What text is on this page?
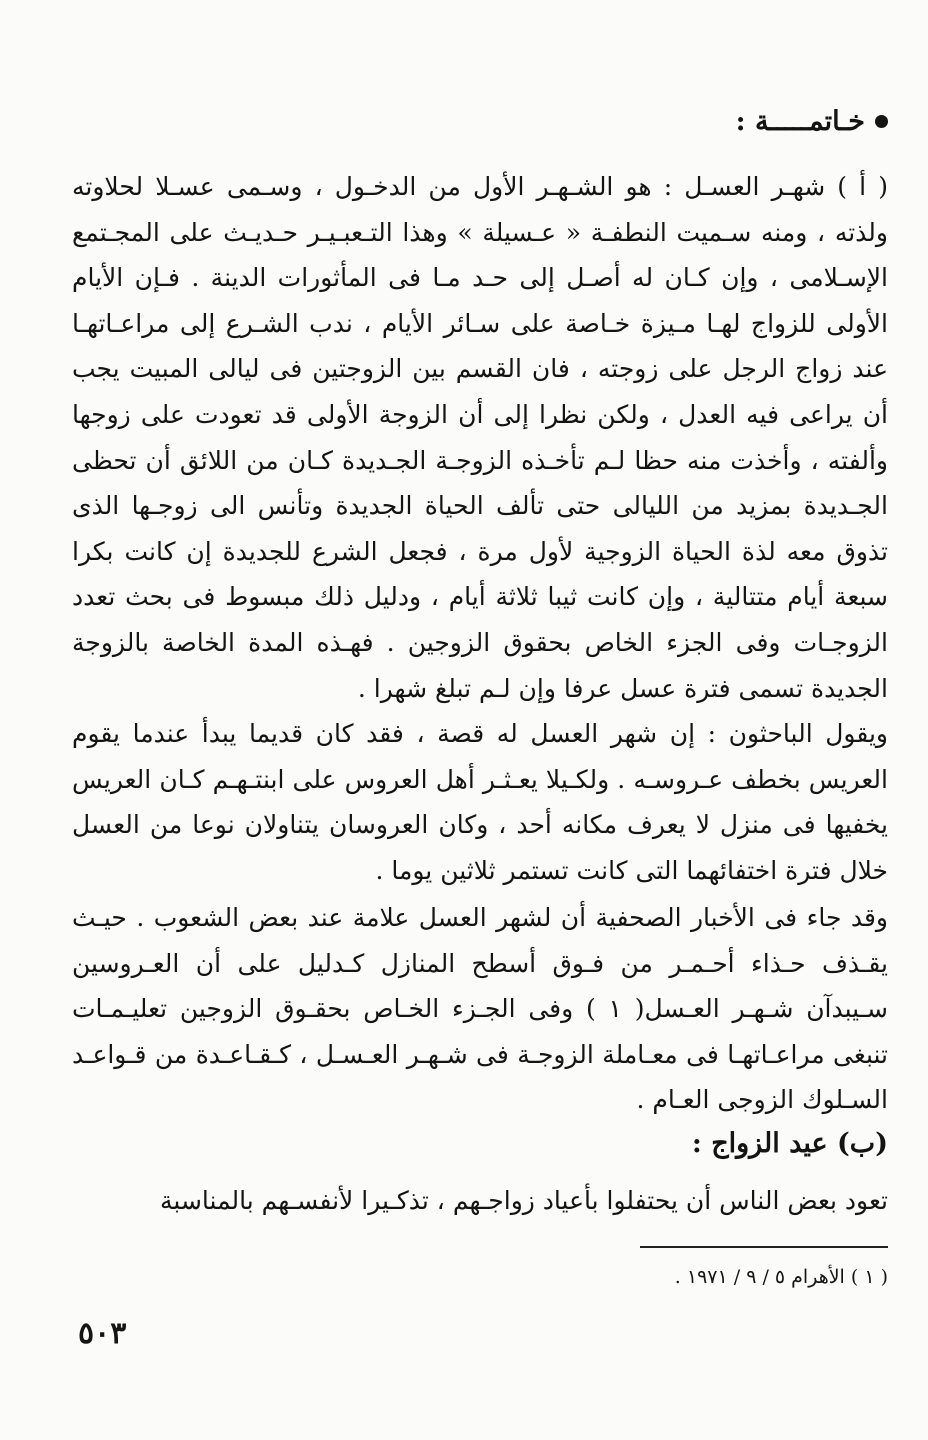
خـاتمـــــة :

( أ ) شهـر العسـل : هو الشـهـر الأول من الدخـول ، وسـمى عسـلا لحلاوته ولذته ، ومنه سـميت النطفـة « عـسيلة » وهذا التـعبـيـر حـديـث على المجـتمع الإسـلامى ، وإن كـان له أصـل إلى حـد مـا فى المأثورات الدينة . فـإن الأيام الأولى للزواج لهـا مـيزة خـاصة على سـائر الأيام ، ندب الشـرع إلى مراعـاتهـا عند زواج الرجل على زوجته ، فان القسم بين الزوجتين فى ليالى المبيت يجب أن يراعى فيه العدل ، ولكن نظرا إلى أن الزوجة الأولى قد تعودت على زوجها وألفته ، وأخذت منه حظا لـم تأخـذه الزوجـة الجـديدة كـان من اللائق أن تحظى الجـديدة بمزيد من الليالى حتى تألف الحياة الجديدة وتأنس الى زوجـها الذى تذوق معه لذة الحياة الزوجية لأول مرة ، فجعل الشرع للجديدة إن كانت بكرا سبعة أيام متتالية ، وإن كانت ثيبا ثلاثة أيام ، ودليل ذلك مبسوط فى بحث تعدد الزوجـات وفى الجزء الخاص بحقوق الزوجين . فهـذه المدة الخاصة بالزوجة الجديدة تسمى فترة عسل عرفا وإن لـم تبلغ شهرا .

ويقول الباحثون : إن شهر العسل له قصة ، فقد كان قديما يبدأ عندما يقوم العريس بخطف عـروسـه . ولكـيلا يعـثـر أهل العروس على ابنتـهـم كـان العريس يخفيها فى منزل لا يعرف مكانه أحد ، وكان العروسان يتناولان نوعا من العسل خلال فترة اختفائهما التى كانت تستمر ثلاثين يوما .

وقد جاء فى الأخبار الصحفية أن لشهر العسل علامة عند بعض الشعوب . حيـث يقـذف حـذاء أحـمـر من فـوق أسطح المنازل كـدليل على أن العـروسين سـيبدآن شـهـر العـسل( ١ ) وفى الجـزء الخـاص بحقـوق الزوجين تعليـمـات تنبغى مراعـاتهـا فى معـاملة الزوجـة فى شـهـر العـسـل ، كـقـاعـدة من قـواعـد السـلوك الزوجى العـام .

(ب) عيد الزواج :

تعود بعض الناس أن يحتفلوا بأعياد زواجـهم ، تذكـيرا لأنفسـهم بالمناسبة

( ١ ) الأهرام ٥ / ٩ / ١٩٧١ .
٥٠٣
